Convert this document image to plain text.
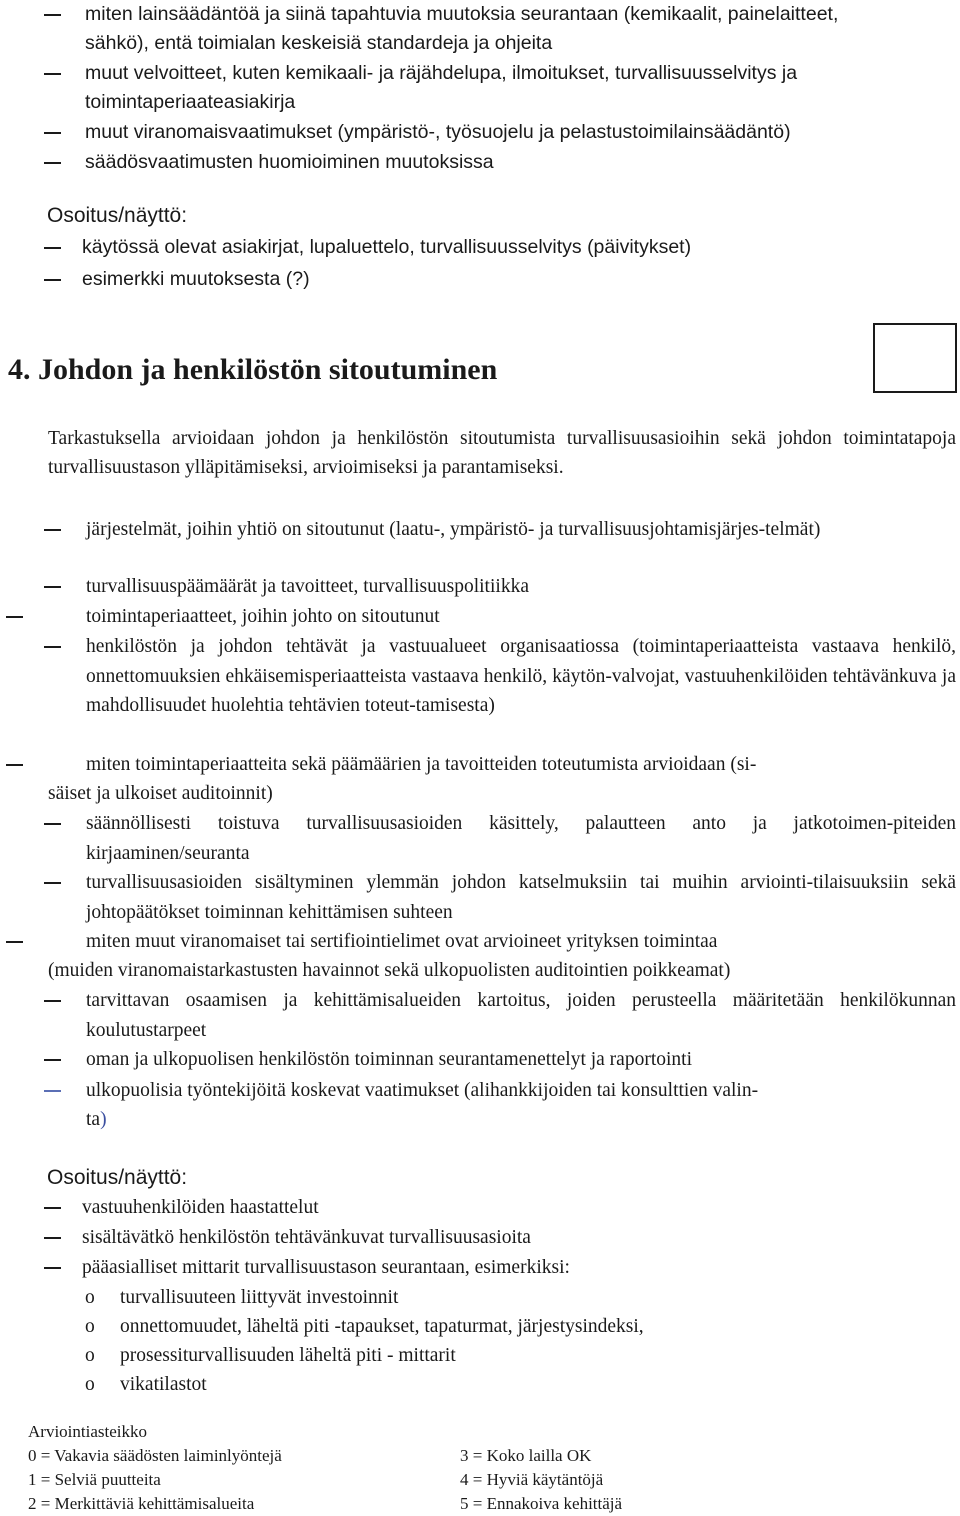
miten lainsäädäntöä ja siinä tapahtuvia muutoksia seurantaan (kemikaalit, painelaitteet,
sähkö), entä toimialan keskeisiä standardeja ja ohjeita
muut velvoitteet, kuten kemikaali- ja räjähdelupa, ilmoitukset, turvallisuusselvitys ja
toimintaperiaateasiakirja
muut viranomaisvaatimukset (ympäristö-, työsuojelu ja pelastustoimilainsäädäntö)
säädösvaatimusten huomioiminen muutoksissa
Osoitus/näyttö:
käytössä olevat asiakirjat, lupaluettelo, turvallisuusselvitys (päivitykset)
esimerkki muutoksesta (?)
4. Johdon ja henkilöstön sitoutuminen
Tarkastuksella arvioidaan johdon ja henkilöstön sitoutumista turvallisuusasioihin sekä johdon toimintatapoja turvallisuustason ylläpitämiseksi, arvioimiseksi ja parantamiseksi.
järjestelmät, joihin yhtiö on sitoutunut (laatu-, ympäristö- ja turvallisuusjohtamisjärjes-telmät)
turvallisuuspäämäärät ja tavoitteet, turvallisuuspolitiikka
toimintaperiaatteet, joihin johto on sitoutunut
henkilöstön ja johdon tehtävät ja vastuualueet organisaatiossa (toimintaperiaatteista vastaava henkilö, onnettomuuksien ehkäisemisperiaatteista vastaava henkilö, käytön-valvojat, vastuuhenkilöiden tehtävänkuva ja mahdollisuudet huolehtia tehtävien toteut-tamisesta)
miten toimintaperiaatteita sekä päämäärien ja tavoitteiden toteutumista arvioidaan (si-
säiset ja ulkoiset auditoinnit)
säännöllisesti toistuva turvallisuusasioiden käsittely, palautteen anto ja jatkotoimen-piteiden kirjaaminen/seuranta
turvallisuusasioiden sisältyminen ylemmän johdon katselmuksiin tai muihin arviointi-tilaisuuksiin sekä johtopäätökset toiminnan kehittämisen suhteen
miten muut viranomaiset tai sertifiointielimet ovat arvioineet yrityksen toimintaa
(muiden viranomaistarkastusten havainnot sekä ulkopuolisten auditointien poikkeamat)
tarvittavan osaamisen ja kehittämisalueiden kartoitus, joiden perusteella määritetään henkilökunnan koulutustarpeet
oman ja ulkopuolisen henkilöstön toiminnan seurantamenettelyt ja raportointi
ulkopuolisia työntekijöitä koskevat vaatimukset (alihankkijoiden tai konsulttien valin-
ta)
Osoitus/näyttö:
vastuuhenkilöiden haastattelut
sisältävätkö henkilöstön tehtävänkuvat turvallisuusasioita
pääasialliset mittarit turvallisuustason seurantaan, esimerkiksi:
o turvallisuuteen liittyvät investoinnit
o onnettomuudet, läheltä piti -tapaukset, tapaturmat, järjestysindeksi,
o prosessiturvallisuuden läheltä piti - mittarit
o vikatilastot
Arviointiasteikko
0 = Vakavia säädösten laiminlyöntejä
1 = Selviä puutteita
2 = Merkittäviä kehittämisalueita
3 = Koko lailla OK
4 = Hyviä käytäntöjä
5 = Ennakoiva kehittäjä
